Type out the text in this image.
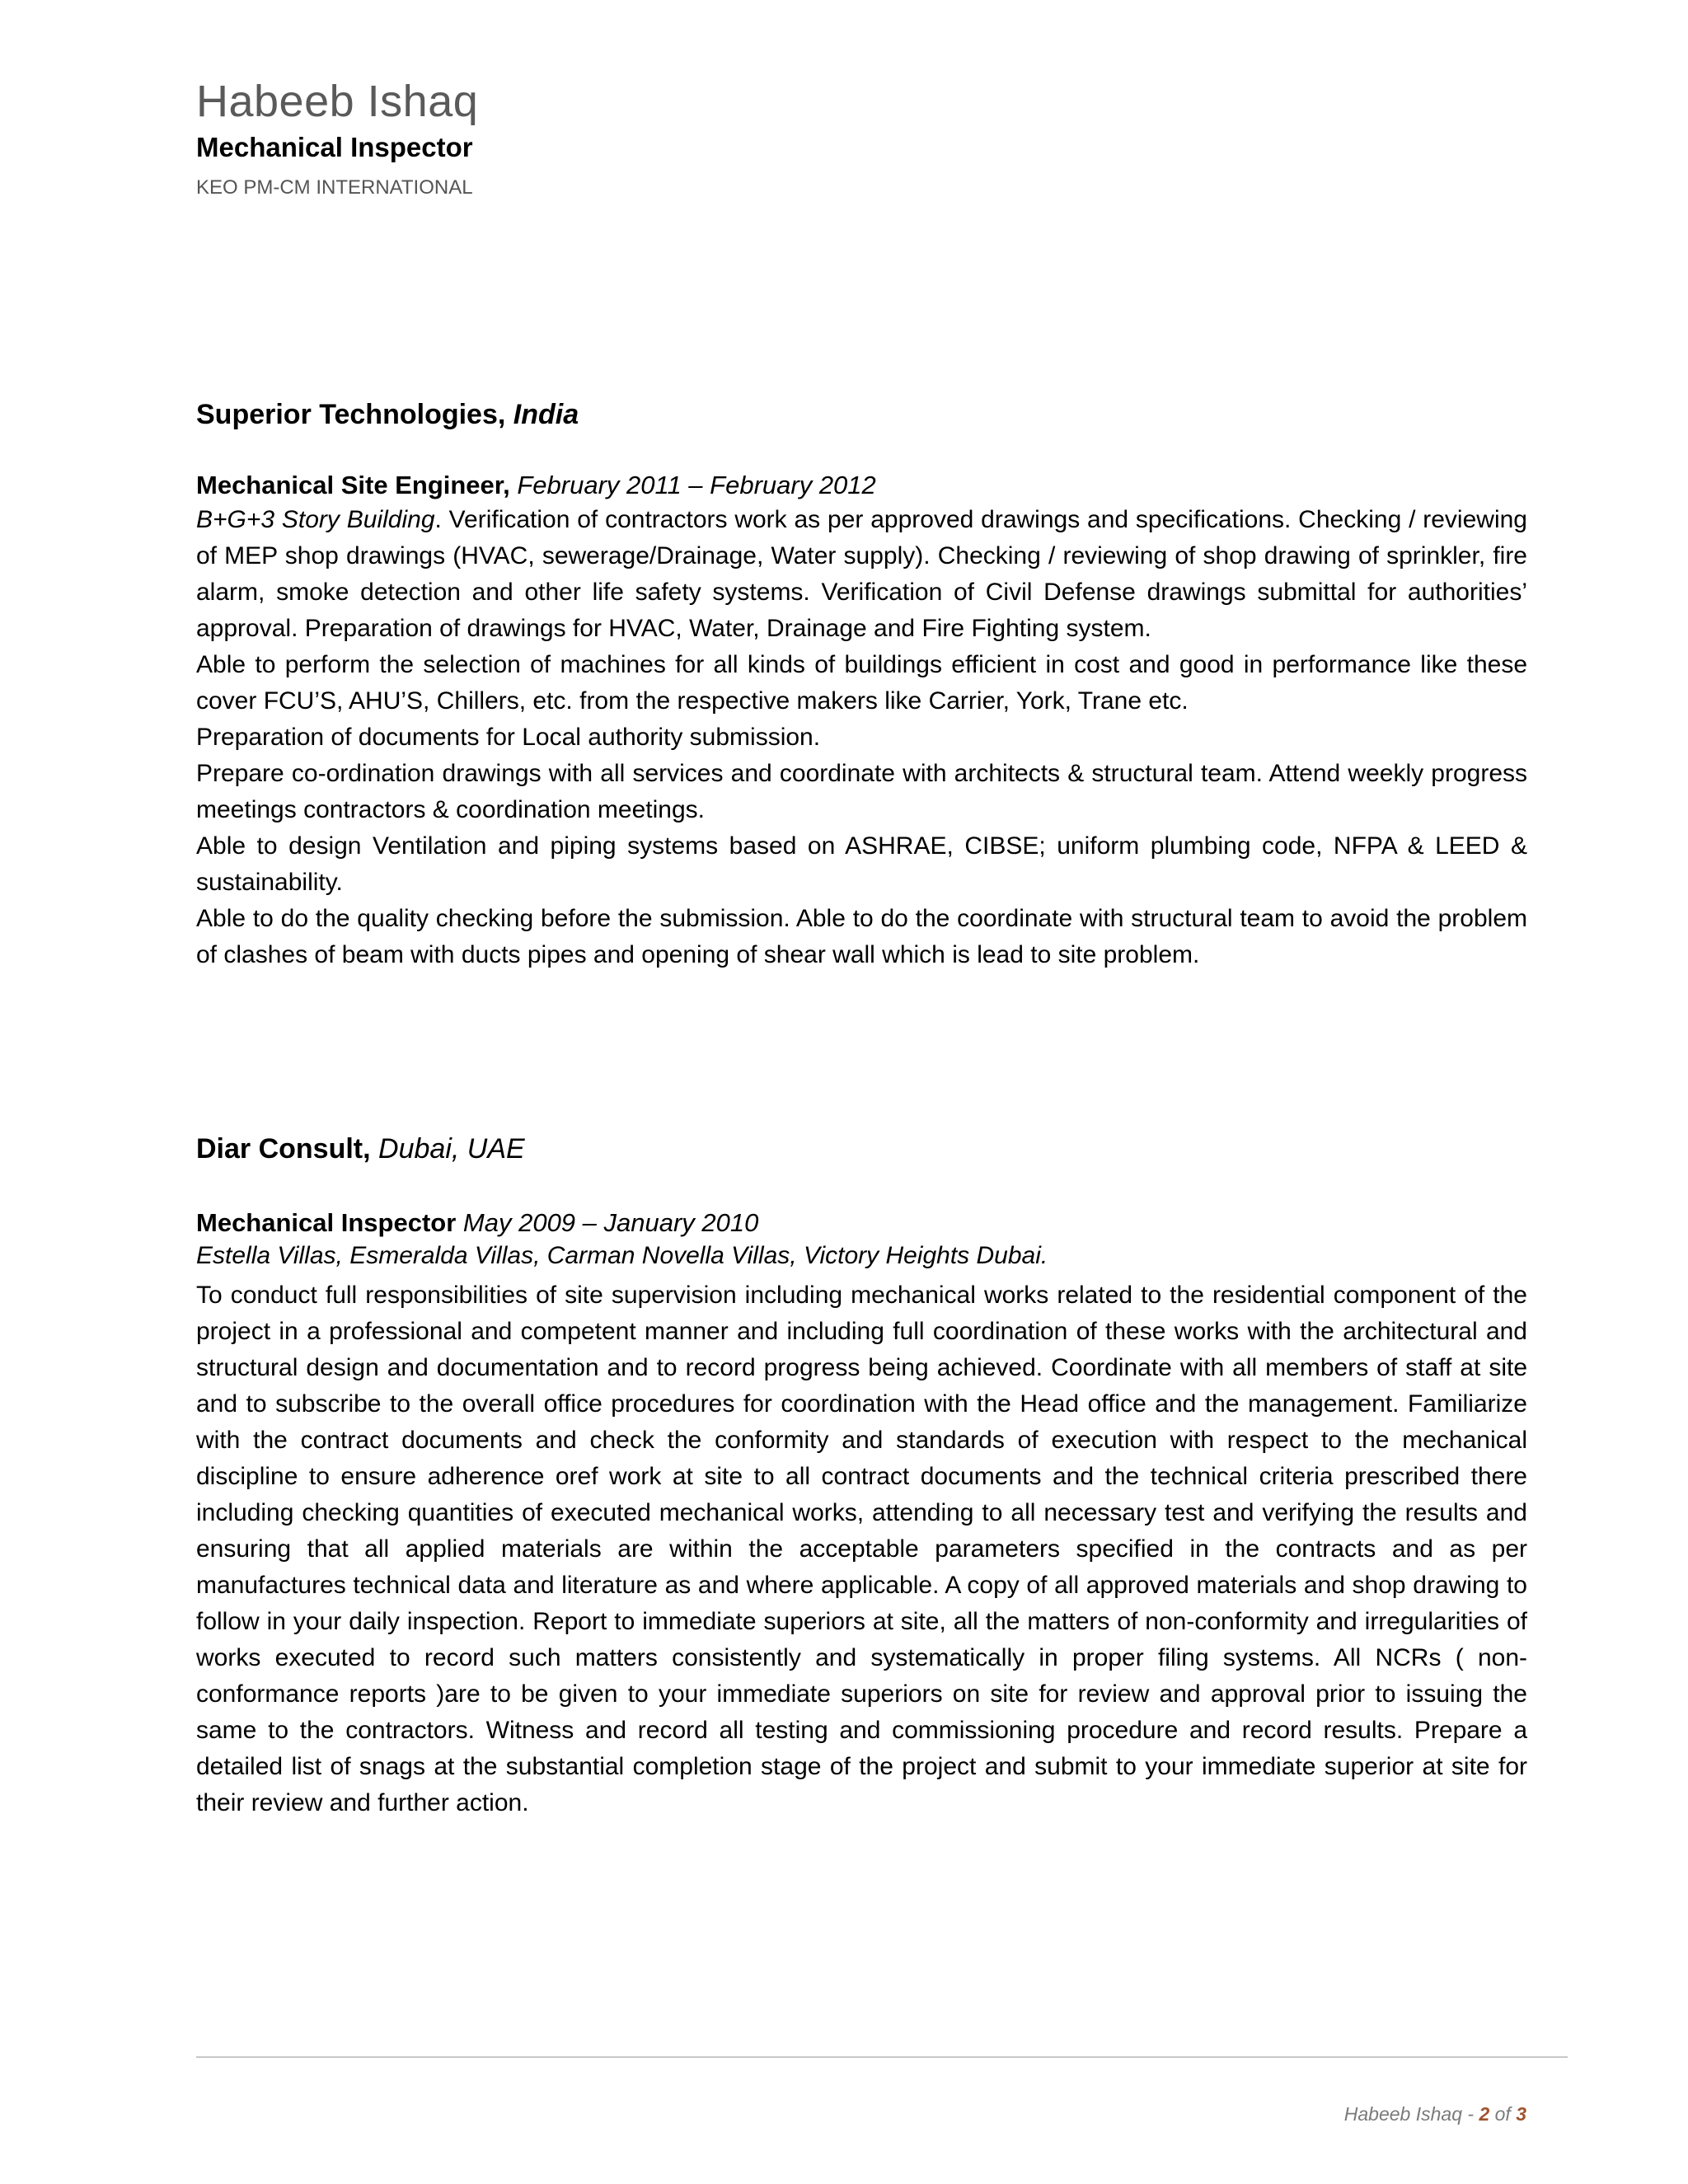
Habeeb Ishaq
Mechanical Inspector
KEO PM-CM INTERNATIONAL

Superior Technologies, India

Mechanical Site Engineer, February 2011 – February 2012

B+G+3 Story Building. Verification of contractors work as per approved drawings and specifications. Checking / reviewing of MEP shop drawings (HVAC, sewerage/Drainage, Water supply). Checking / reviewing of shop drawing of sprinkler, fire alarm, smoke detection and other life safety systems. Verification of Civil Defense drawings submittal for authorities’ approval. Preparation of drawings for HVAC, Water, Drainage and Fire Fighting system.

Able to perform the selection of machines for all kinds of buildings efficient in cost and good in performance like these cover FCU’S, AHU’S, Chillers, etc. from the respective makers like Carrier, York, Trane etc.

Preparation of documents for Local authority submission.

Prepare co-ordination drawings with all services and coordinate with architects & structural team. Attend weekly progress meetings contractors & coordination meetings.

Able to design Ventilation and piping systems based on ASHRAE, CIBSE; uniform plumbing code, NFPA & LEED & sustainability.

Able to do the quality checking before the submission. Able to do the coordinate with structural team to avoid the problem of clashes of beam with ducts pipes and opening of shear wall which is lead to site problem.

Diar Consult, Dubai, UAE

Mechanical Inspector May 2009 – January 2010

Estella Villas, Esmeralda Villas, Carman Novella Villas, Victory Heights Dubai.

To conduct full responsibilities of site supervision including mechanical works related to the residential component of the project in a professional and competent manner and including full coordination of these works with the architectural and structural design and documentation and to record progress being achieved. Coordinate with all members of staff at site and to subscribe to the overall office procedures for coordination with the Head office and the management. Familiarize with the contract documents and check the conformity and standards of execution with respect to the mechanical discipline to ensure adherence oref work at site to all contract documents and the technical criteria prescribed there including checking quantities of executed mechanical works, attending to all necessary test and verifying the results and ensuring that all applied materials are within the acceptable parameters specified in the contracts and as per manufactures technical data and literature as and where applicable. A copy of all approved materials and shop drawing to follow in your daily inspection. Report to immediate superiors at site, all the matters of non-conformity and irregularities of works executed to record such matters consistently and systematically in proper filing systems. All NCRs ( non-conformance reports )are to be given to your immediate superiors on site for review and approval prior to issuing the same to the contractors. Witness and record all testing and commissioning procedure and record results. Prepare a detailed list of snags at the substantial completion stage of the project and submit to your immediate superior at site for their review and further action.

Habeeb Ishaq - 2 of 3
